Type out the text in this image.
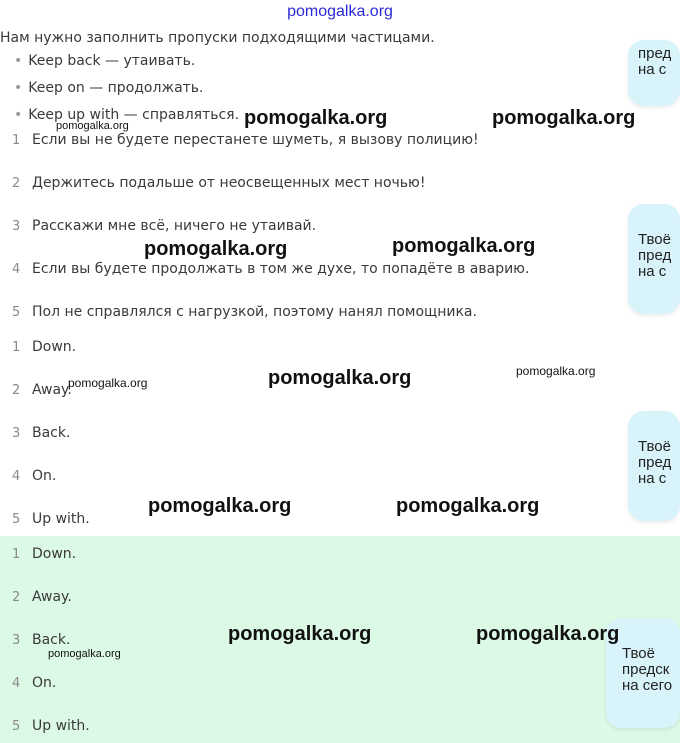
pomogalka.org
Нам нужно заполнить пропуски подходящими частицами.
• Keep back — утаивать.
• Keep on — продолжать.
• Keep up with — справляться.
1 Если вы не будете перестанете шуметь, я вызову полицию!
2 Держитесь подальше от неосвещенных мест ночью!
3 Расскажи мне всё, ничего не утаивай.
4 Если вы будете продолжать в том же духе, то попадёте в аварию.
5 Пол не справлялся с нагрузкой, поэтому нанял помощника.
1 Down.
2 Away.
3 Back.
4 On.
5 Up with.
1 Down.
2 Away.
3 Back.
4 On.
5 Up with.
пред
на с
Твоё
пред
на с
Твоё
пред
на с
Твоё
предск
на сего
pomogalka.org	pomogalka.org
pomogalka.org
pomogalka.org	pomogalka.org
pomogalka.org	pomogalka.org	pomogalka.org
pomogalka.org	pomogalka.org
pomogalka.org	pomogalka.org
pomogalka.org
